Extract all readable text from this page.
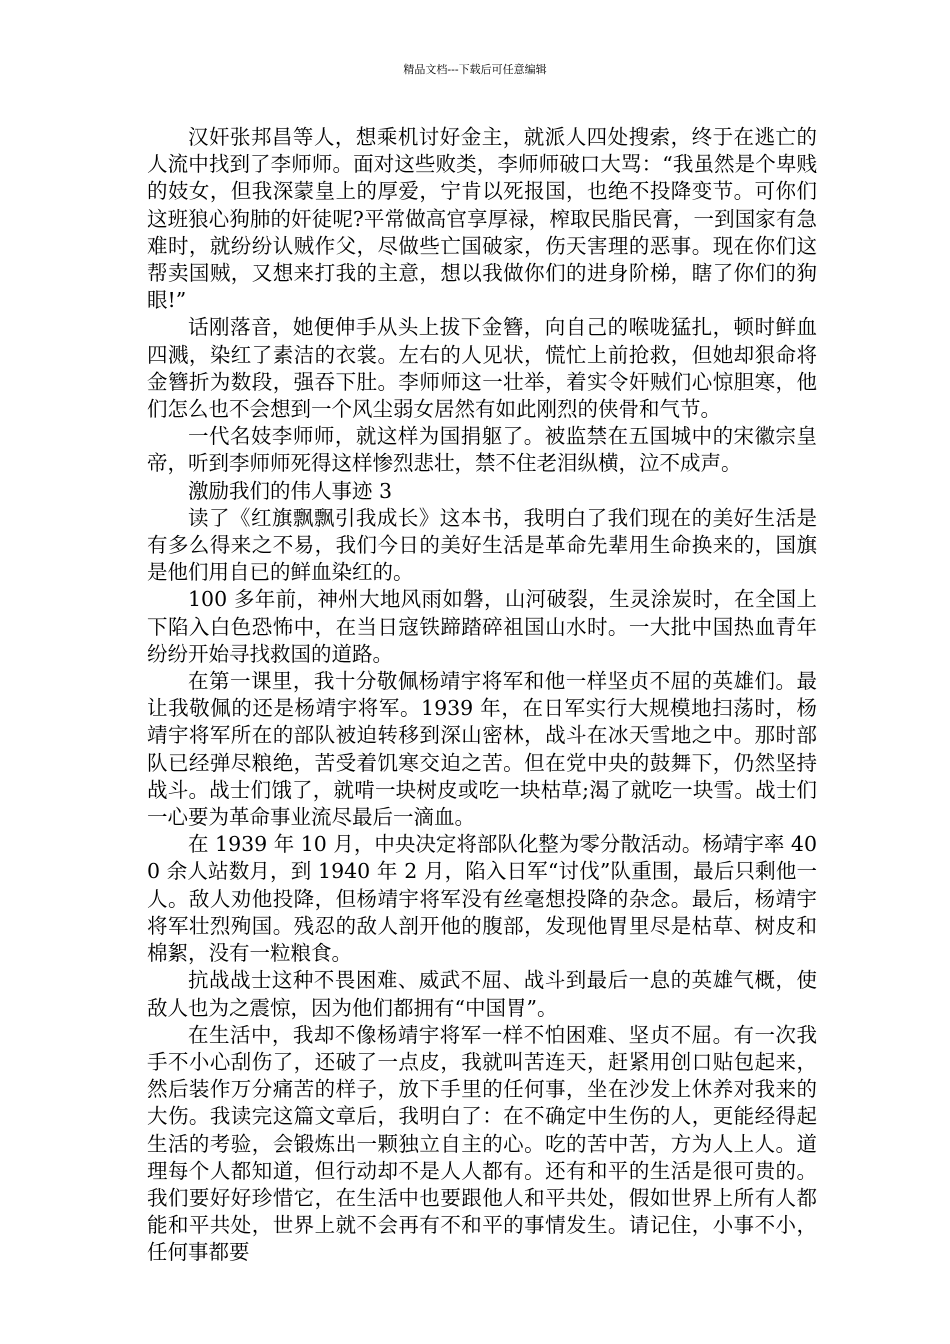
精品文档---下载后可任意编辑

汉奸张邦昌等人，想乘机讨好金主，就派人四处搜索，终于在逃亡的人流中找到了李师师。面对这些败类，李师师破口大骂：“我虽然是个卑贱的妓女，但我深蒙皇上的厚爱，宁肯以死报国，也绝不投降变节。可你们这班狼心狗肺的奸徒呢?平常做高官享厚禄，榨取民脂民膏，一到国家有急难时，就纷纷认贼作父，尽做些亡国破家，伤天害理的恶事。现在你们这帮卖国贼，又想来打我的主意，想以我做你们的进身阶梯，瞎了你们的狗眼!”

话刚落音，她便伸手从头上拔下金簪，向自己的喉咙猛扎，顿时鲜血四溅，染红了素洁的衣裳。左右的人见状，慌忙上前抢救，但她却狠命将金簪折为数段，强吞下肚。李师师这一壮举，着实令奸贼们心惊胆寒，他们怎么也不会想到一个风尘弱女居然有如此刚烈的侠骨和气节。

一代名妓李师师，就这样为国捐躯了。被监禁在五国城中的宋徽宗皇帝，听到李师师死得这样惨烈悲壮，禁不住老泪纵横，泣不成声。

激励我们的伟人事迹 3

读了《红旗飘飘引我成长》这本书，我明白了我们现在的美好生活是有多么得来之不易，我们今日的美好生活是革命先辈用生命换来的，国旗是他们用自已的鲜血染红的。

100 多年前，神州大地风雨如磐，山河破裂，生灵涂炭时，在全国上下陷入白色恐怖中，在当日寇铁蹄踏碎祖国山水时。一大批中国热血青年纷纷开始寻找救国的道路。

在第一课里，我十分敬佩杨靖宇将军和他一样坚贞不屈的英雄们。最让我敬佩的还是杨靖宇将军。1939 年，在日军实行大规模地扫荡时，杨靖宇将军所在的部队被迫转移到深山密林，战斗在冰天雪地之中。那时部队已经弹尽粮绝，苦受着饥寒交迫之苦。但在党中央的鼓舞下，仍然坚持战斗。战士们饿了，就啃一块树皮或吃一块枯草;渴了就吃一块雪。战士们一心要为革命事业流尽最后一滴血。

在 1939 年 10 月，中央决定将部队化整为零分散活动。杨靖宇率 400 余人站数月，到 1940 年 2 月，陷入日军“讨伐”队重围，最后只剩他一人。敌人劝他投降，但杨靖宇将军没有丝毫想投降的杂念。最后，杨靖宇将军壮烈殉国。残忍的敌人剖开他的腹部，发现他胃里尽是枯草、树皮和棉絮，没有一粒粮食。

抗战战士这种不畏困难、威武不屈、战斗到最后一息的英雄气概，使敌人也为之震惊，因为他们都拥有“中国胃”。

在生活中，我却不像杨靖宇将军一样不怕困难、坚贞不屈。有一次我手不小心刮伤了，还破了一点皮，我就叫苦连天，赶紧用创口贴包起来，然后装作万分痛苦的样子，放下手里的任何事，坐在沙发上休养对我来的大伤。我读完这篇文章后，我明白了：在不确定中生伤的人，更能经得起生活的考验，会锻炼出一颗独立自主的心。吃的苦中苦，方为人上人。道理每个人都知道，但行动却不是人人都有。还有和平的生活是很可贵的。我们要好好珍惜它，在生活中也要跟他人和平共处，假如世界上所有人都能和平共处，世界上就不会再有不和平的事情发生。请记住，小事不小，任何事都要
